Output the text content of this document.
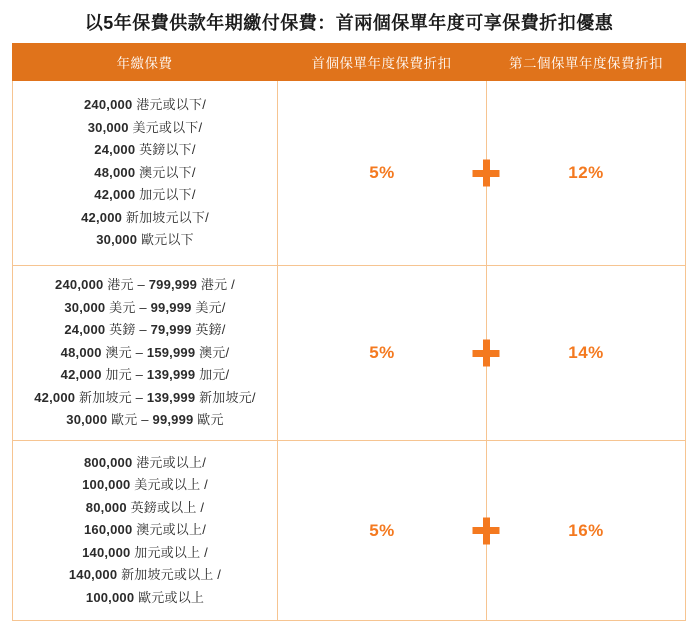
以5年保費供款年期繳付保費：首兩個保單年度可享保費折扣優惠
年繳保費	首個保單年度保費折扣	第二個保單年度保費折扣
240,000 港元或以下/
30,000 美元或以下/
24,000 英鎊以下/
48,000 澳元以下/
42,000 加元以下/
42,000 新加坡元以下/
30,000 歐元以下
5%	12%
240,000 港元 – 799,999 港元 /
30,000 美元 – 99,999 美元/
24,000 英鎊 – 79,999 英鎊/
48,000 澳元 – 159,999 澳元/
42,000 加元 – 139,999 加元/
42,000 新加坡元 – 139,999 新加坡元/
30,000 歐元 – 99,999 歐元
5%	14%
800,000 港元或以上/
100,000 美元或以上 /
80,000 英鎊或以上 /
160,000 澳元或以上/
140,000 加元或以上 /
140,000 新加坡元或以上 /
100,000 歐元或以上
5%	16%
